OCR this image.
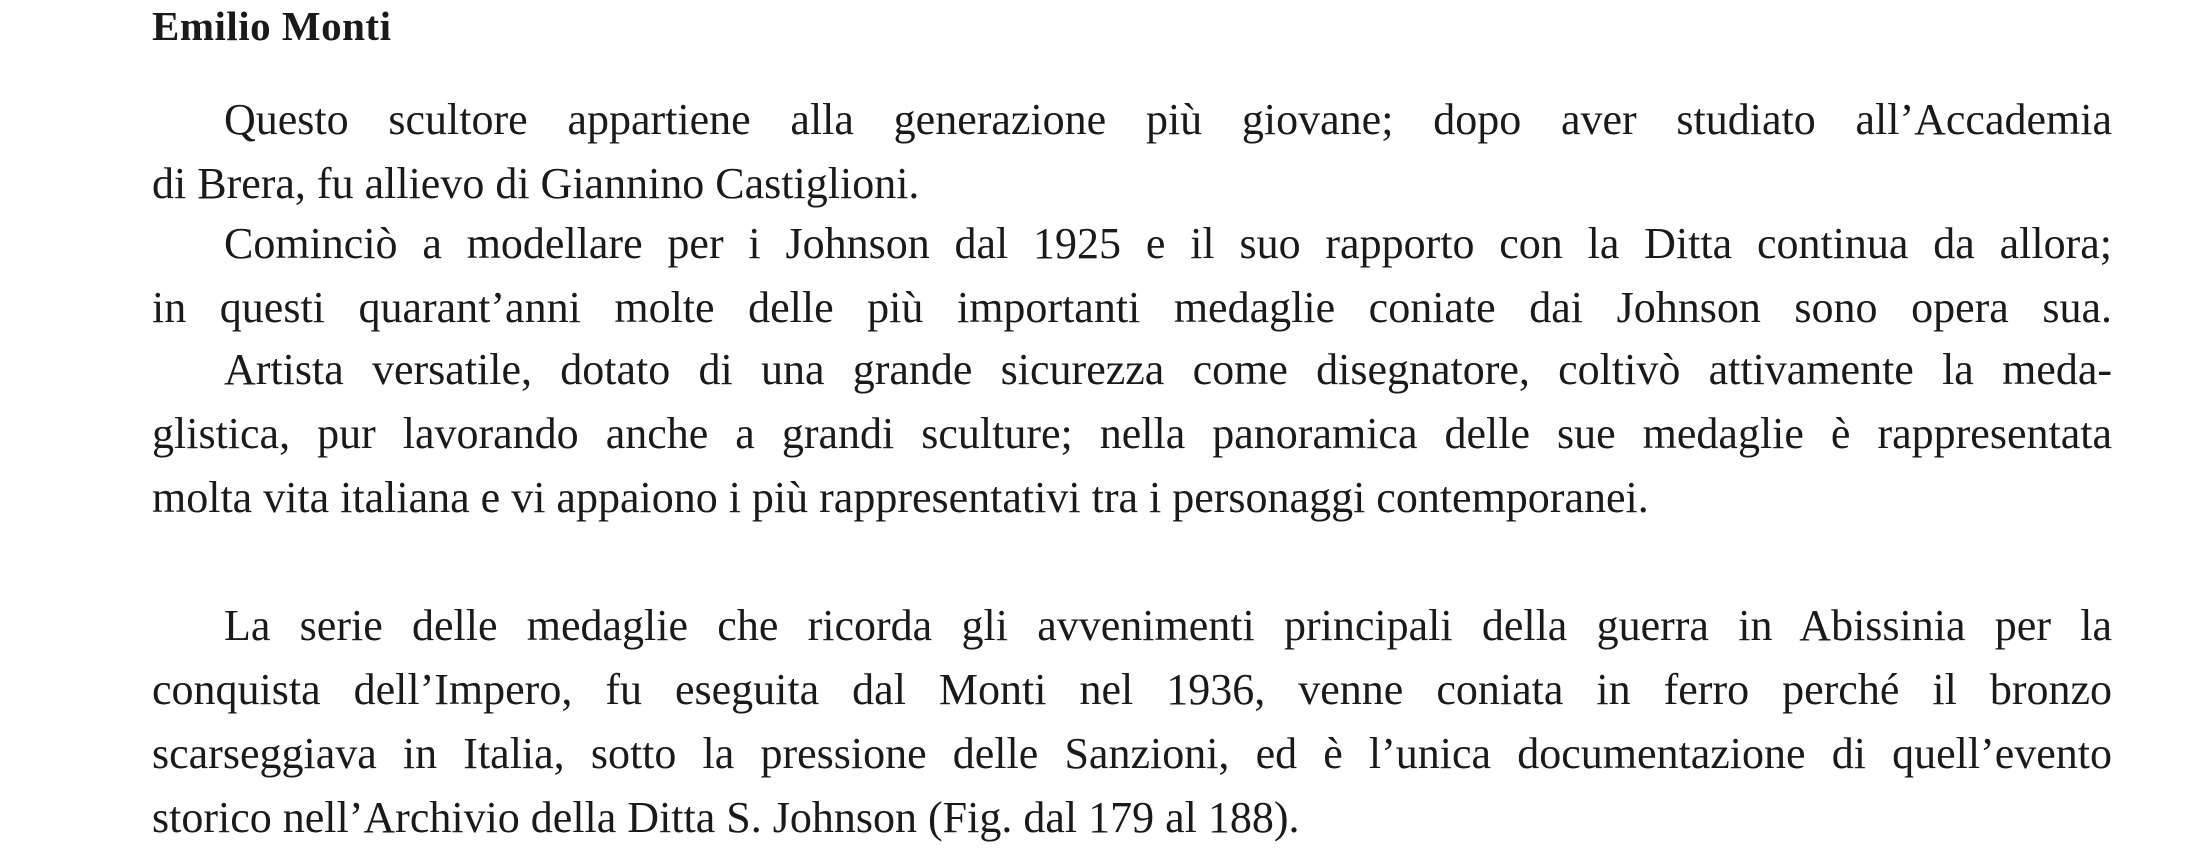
Emilio Monti

Questo scultore appartiene alla generazione più giovane; dopo aver studiato all’Accademia
di Brera, fu allievo di Giannino Castiglioni.

Cominciò a modellare per i Johnson dal 1925 e il suo rapporto con la Ditta continua da allora;
in questi quarant’anni molte delle più importanti medaglie coniate dai Johnson sono opera sua.

Artista versatile, dotato di una grande sicurezza come disegnatore, coltivò attivamente la meda-
glistica, pur lavorando anche a grandi sculture; nella panoramica delle sue medaglie è rappresentata
molta vita italiana e vi appaiono i più rappresentativi tra i personaggi contemporanei.

La serie delle medaglie che ricorda gli avvenimenti principali della guerra in Abissinia per la
conquista dell’Impero, fu eseguita dal Monti nel 1936, venne coniata in ferro perché il bronzo
scarseggiava in Italia, sotto la pressione delle Sanzioni, ed è l’unica documentazione di quell’evento
storico nell’Archivio della Ditta S. Johnson (Fig. dal 179 al 188).
